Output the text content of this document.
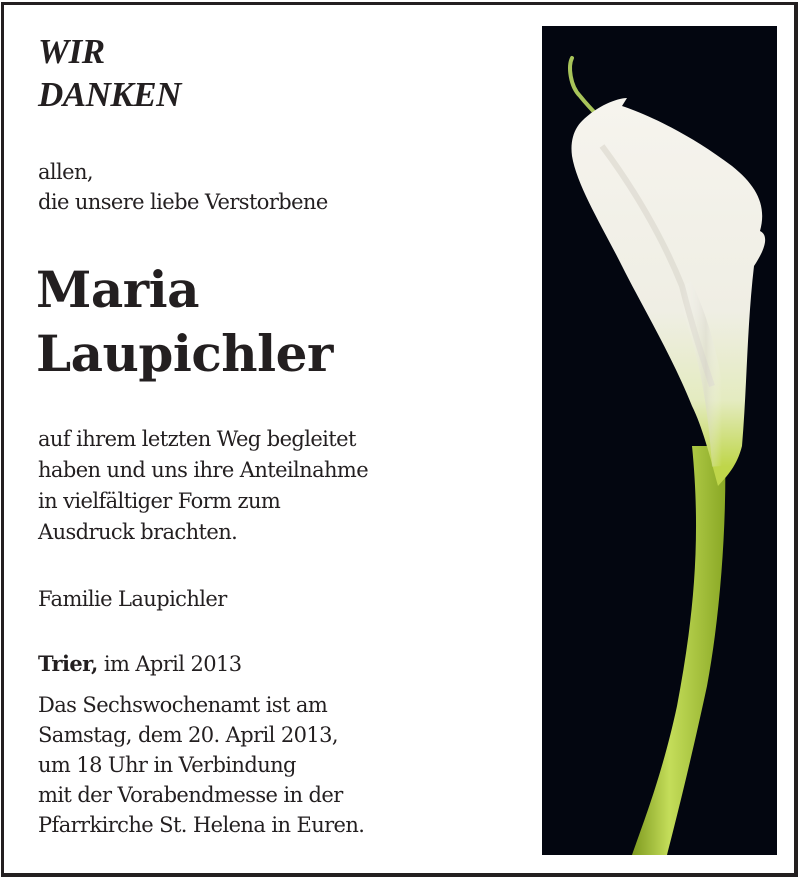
WIR
DANKEN
allen,
die unsere liebe Verstorbene
Maria
Laupichler
auf ihrem letzten Weg begleitet
haben und uns ihre Anteilnahme
in vielfältiger Form zum
Ausdruck brachten.
Familie Laupichler
Trier, im April 2013
Das Sechswochenamt ist am
Samstag, dem 20. April 2013,
um 18 Uhr in Verbindung
mit der Vorabendmesse in der
Pfarrkirche St. Helena in Euren.
